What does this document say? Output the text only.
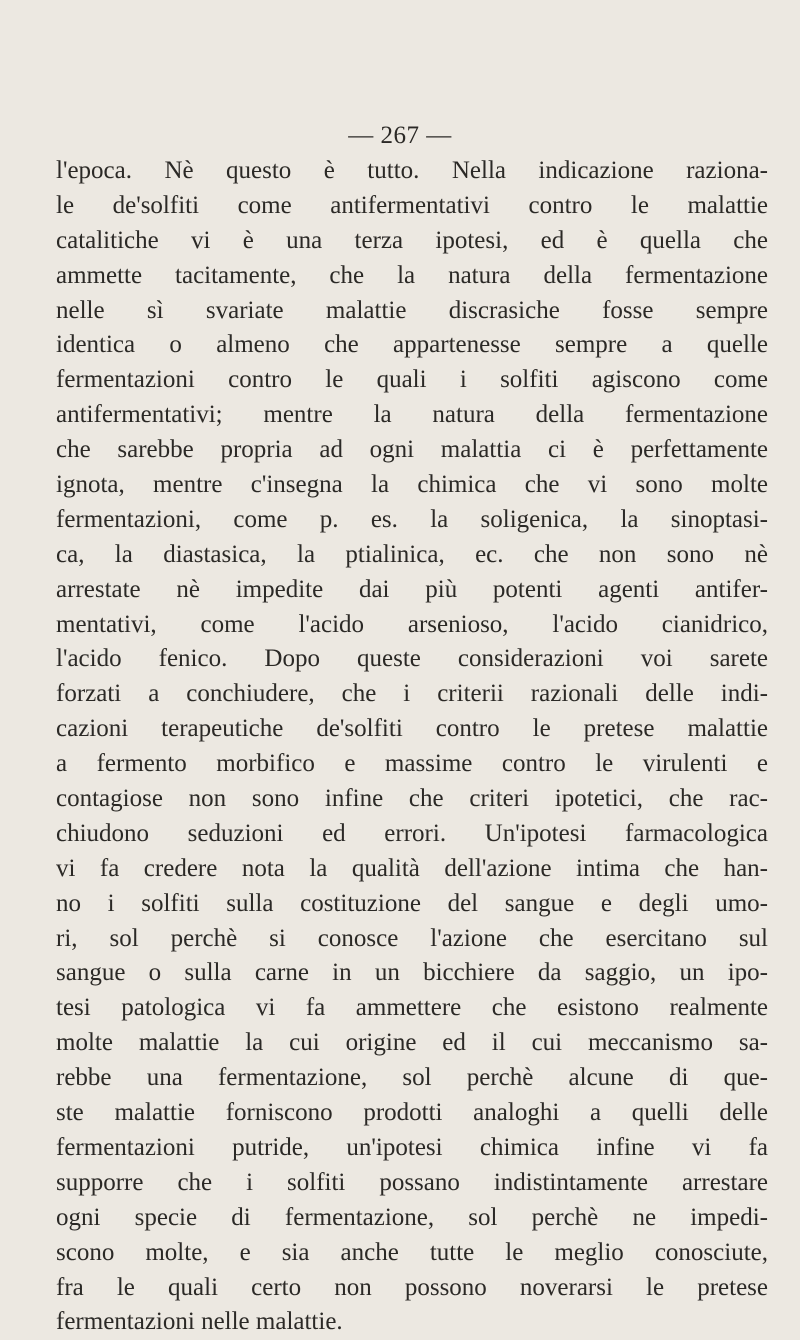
— 267 —
l'epoca. Nè questo è tutto. Nella indicazione raziona-
le de'solfiti come antifermentativi contro le malattie
catalitiche vi è una terza ipotesi, ed è quella che
ammette tacitamente, che la natura della fermentazione
nelle sì svariate malattie discrasiche fosse sempre
identica o almeno che appartenesse sempre a quelle
fermentazioni contro le quali i solfiti agiscono come
antifermentativi; mentre la natura della fermentazione
che sarebbe propria ad ogni malattia ci è perfettamente
ignota, mentre c'insegna la chimica che vi sono molte
fermentazioni, come p. es. la soligenica, la sinoptasi-
ca, la diastasica, la ptialinica, ec. che non sono nè
arrestate nè impedite dai più potenti agenti antifer-
mentativi, come l'acido arsenioso, l'acido cianidrico,
l'acido fenico. Dopo queste considerazioni voi sarete
forzati a conchiudere, che i criterii razionali delle indi-
cazioni terapeutiche de'solfiti contro le pretese malattie
a fermento morbifico e massime contro le virulenti e
contagiose non sono infine che criteri ipotetici, che rac-
chiudono seduzioni ed errori. Un'ipotesi farmacologica
vi fa credere nota la qualità dell'azione intima che han-
no i solfiti sulla costituzione del sangue e degli umo-
ri, sol perchè si conosce l'azione che esercitano sul
sangue o sulla carne in un bicchiere da saggio, un ipo-
tesi patologica vi fa ammettere che esistono realmente
molte malattie la cui origine ed il cui meccanismo sa-
rebbe una fermentazione, sol perchè alcune di que-
ste malattie forniscono prodotti analoghi a quelli delle
fermentazioni putride, un'ipotesi chimica infine vi fa
supporre che i solfiti possano indistintamente arrestare
ogni specie di fermentazione, sol perchè ne impedi-
scono molte, e sia anche tutte le meglio conosciute,
fra le quali certo non possono noverarsi le pretese
fermentazioni nelle malattie.
